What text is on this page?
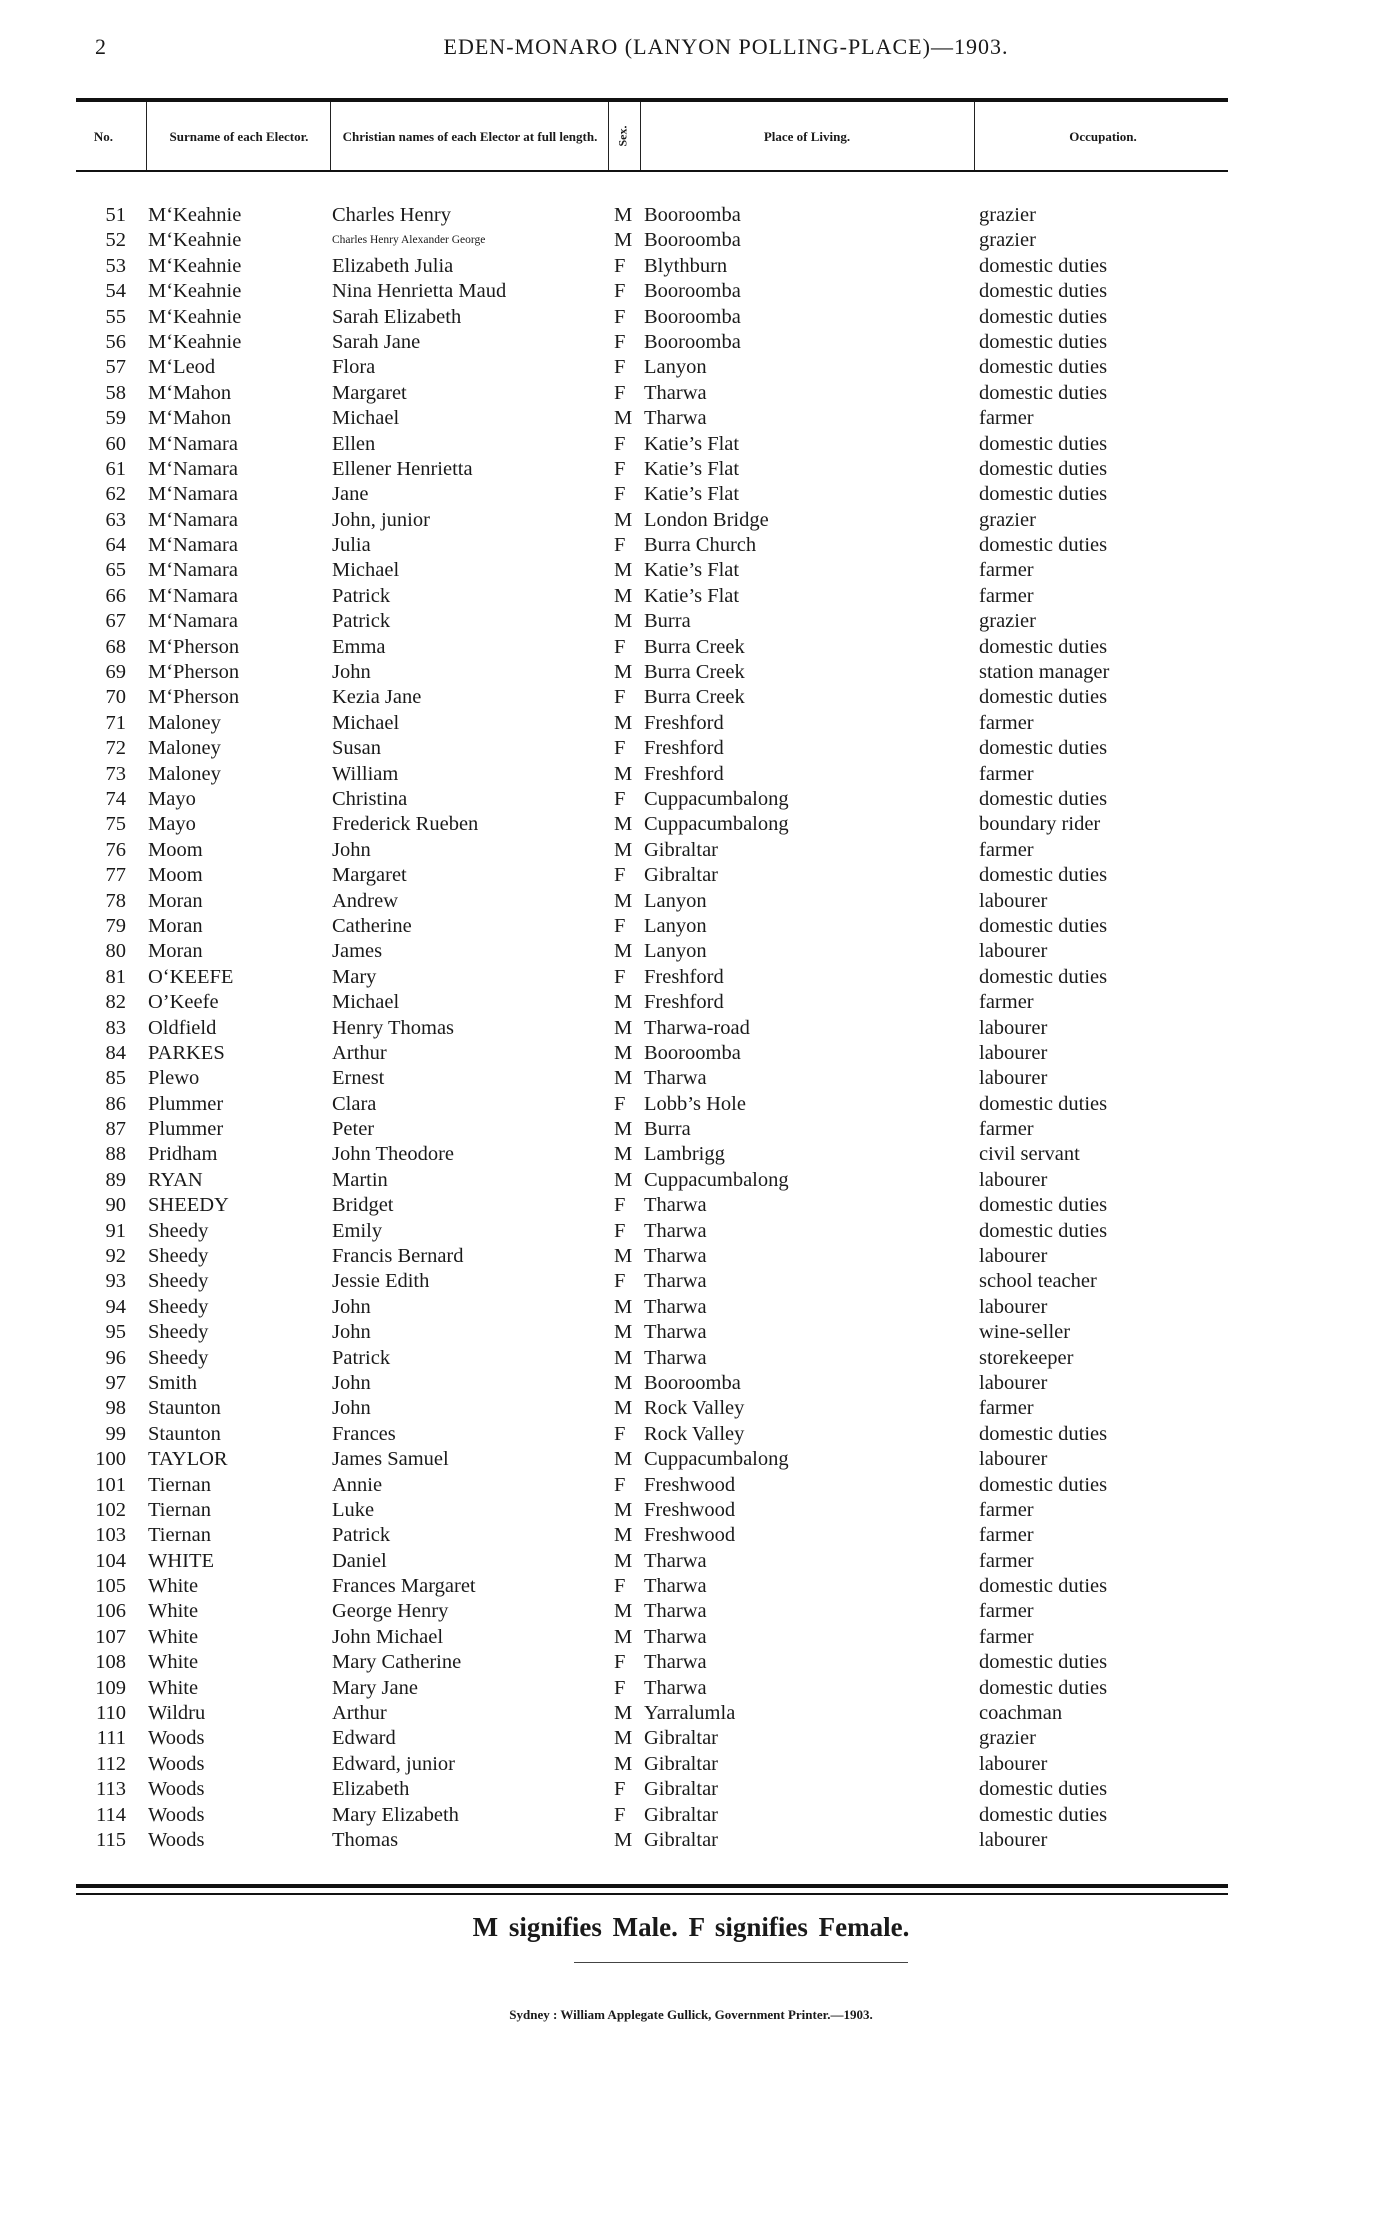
2	EDEN-MONARO (LANYON POLLING-PLACE)—1903.
No.	Surname of each Elector.	Christian names of each Elector at full length.	Sex.	Place of Living.	Occupation.
51 M‘Keahnie	Charles Henry	M Booroomba	grazier
52 M‘Keahnie	Charles Henry Alexander George	M Booroomba	grazier
53 M‘Keahnie	Elizabeth Julia	F Blythburn	domestic duties
54 M‘Keahnie	Nina Henrietta Maud	F Booroomba	domestic duties
55 M‘Keahnie	Sarah Elizabeth	F Booroomba	domestic duties
56 M‘Keahnie	Sarah Jane	F Booroomba	domestic duties
57 M‘Leod	Flora	F Lanyon	domestic duties
58 M‘Mahon	Margaret	F Tharwa	domestic duties
59 M‘Mahon	Michael	M Tharwa	farmer
60 M‘Namara	Ellen	F Katie’s Flat	domestic duties
61 M‘Namara	Ellener Henrietta	F Katie’s Flat	domestic duties
62 M‘Namara	Jane	F Katie’s Flat	domestic duties
63 M‘Namara	John, junior	M London Bridge	grazier
64 M‘Namara	Julia	F Burra Church	domestic duties
65 M‘Namara	Michael	M Katie’s Flat	farmer
66 M‘Namara	Patrick	M Katie’s Flat	farmer
67 M‘Namara	Patrick	M Burra	grazier
68 M‘Pherson	Emma	F Burra Creek	domestic duties
69 M‘Pherson	John	M Burra Creek	station manager
70 M‘Pherson	Kezia Jane	F Burra Creek	domestic duties
71 Maloney	Michael	M Freshford	farmer
72 Maloney	Susan	F Freshford	domestic duties
73 Maloney	William	M Freshford	farmer
74 Mayo	Christina	F Cuppacumbalong	domestic duties
75 Mayo	Frederick Rueben	M Cuppacumbalong	boundary rider
76 Moom	John	M Gibraltar	farmer
77 Moom	Margaret	F Gibraltar	domestic duties
78 Moran	Andrew	M Lanyon	labourer
79 Moran	Catherine	F Lanyon	domestic duties
80 Moran	James	M Lanyon	labourer
81 O‘KEEFE	Mary	F Freshford	domestic duties
82 O’Keefe	Michael	M Freshford	farmer
83 Oldfield	Henry Thomas	M Tharwa-road	labourer
84 PARKES	Arthur	M Booroomba	labourer
85 Plewo	Ernest	M Tharwa	labourer
86 Plummer	Clara	F Lobb’s Hole	domestic duties
87 Plummer	Peter	M Burra	farmer
88 Pridham	John Theodore	M Lambrigg	civil servant
89 RYAN	Martin	M Cuppacumbalong	labourer
90 SHEEDY	Bridget	F Tharwa	domestic duties
91 Sheedy	Emily	F Tharwa	domestic duties
92 Sheedy	Francis Bernard	M Tharwa	labourer
93 Sheedy	Jessie Edith	F Tharwa	school teacher
94 Sheedy	John	M Tharwa	labourer
95 Sheedy	John	M Tharwa	wine-seller
96 Sheedy	Patrick	M Tharwa	storekeeper
97 Smith	John	M Booroomba	labourer
98 Staunton	John	M Rock Valley	farmer
99 Staunton	Frances	F Rock Valley	domestic duties
100 TAYLOR	James Samuel	M Cuppacumbalong	labourer
101 Tiernan	Annie	F Freshwood	domestic duties
102 Tiernan	Luke	M Freshwood	farmer
103 Tiernan	Patrick	M Freshwood	farmer
104 WHITE	Daniel	M Tharwa	farmer
105 White	Frances Margaret	F Tharwa	domestic duties
106 White	George Henry	M Tharwa	farmer
107 White	John Michael	M Tharwa	farmer
108 White	Mary Catherine	F Tharwa	domestic duties
109 White	Mary Jane	F Tharwa	domestic duties
110 Wildru	Arthur	M Yarralumla	coachman
111 Woods	Edward	M Gibraltar	grazier
112 Woods	Edward, junior	M Gibraltar	labourer
113 Woods	Elizabeth	F Gibraltar	domestic duties
114 Woods	Mary Elizabeth	F Gibraltar	domestic duties
115 Woods	Thomas	M Gibraltar	labourer
M signifies Male. F signifies Female.
Sydney : William Applegate Gullick, Government Printer.—1903.
